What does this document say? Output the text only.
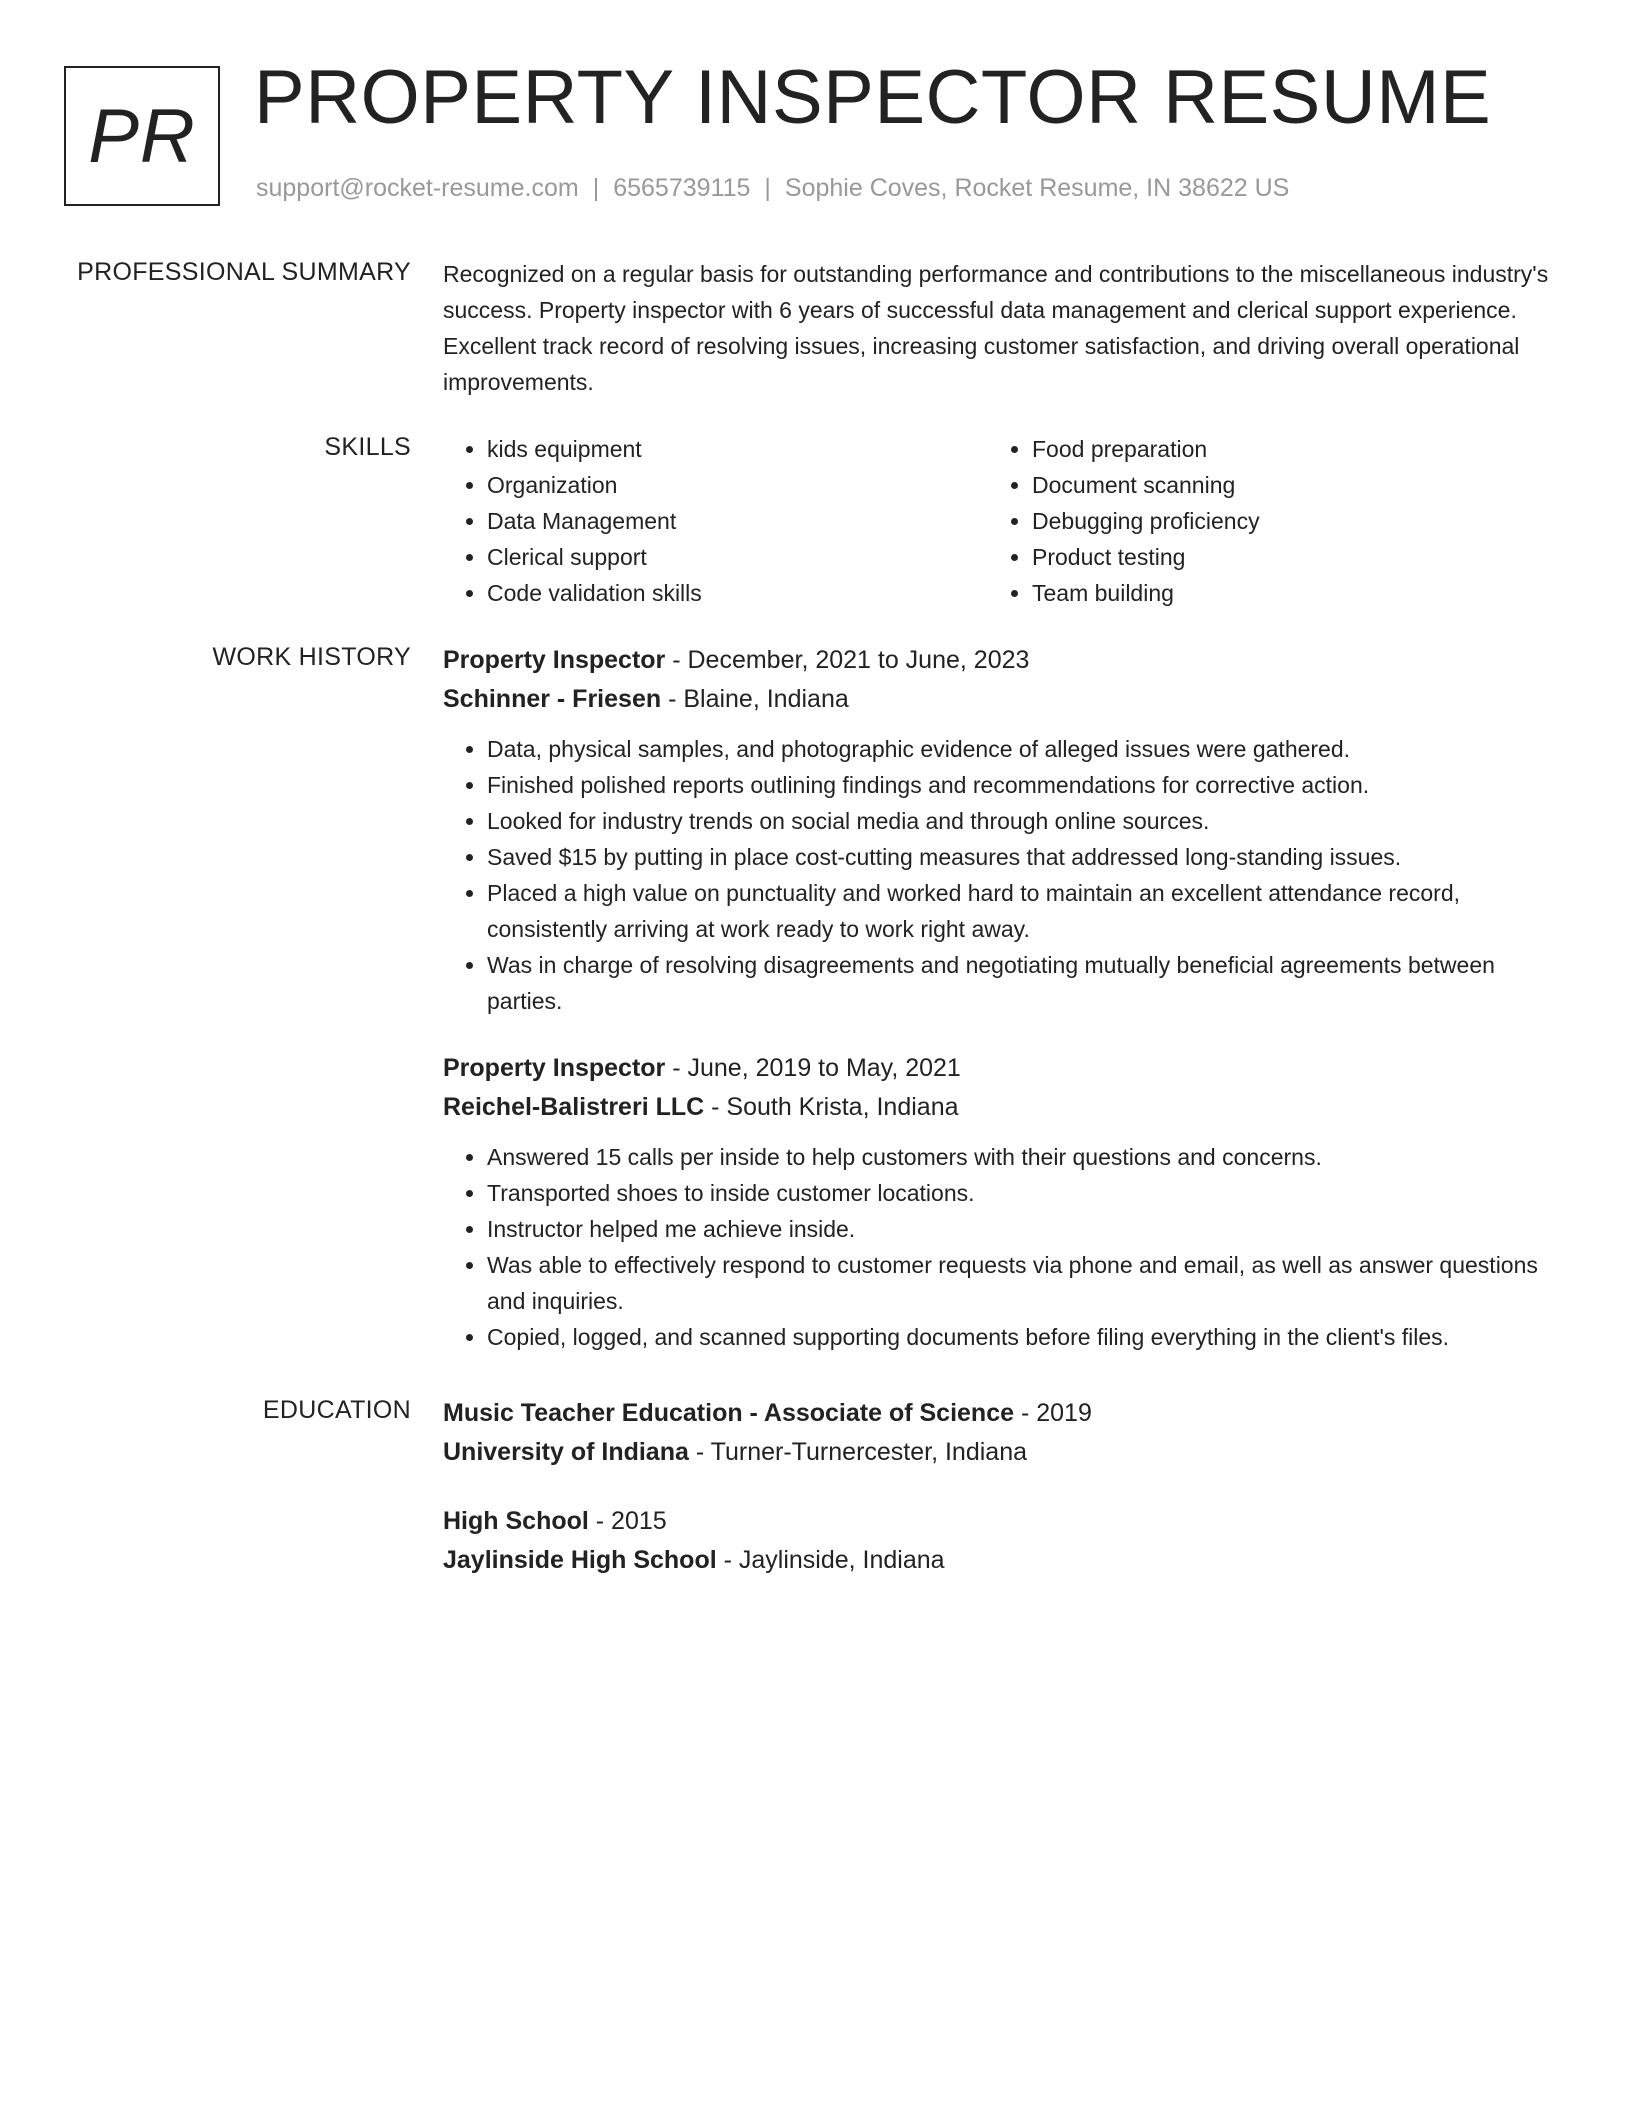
PR PROPERTY INSPECTOR RESUME
support@rocket-resume.com | 6565739115 | Sophie Coves, Rocket Resume, IN 38622 US
PROFESSIONAL SUMMARY Recognized on a regular basis for outstanding performance and contributions to the miscellaneous industry's success. Property inspector with 6 years of successful data management and clerical support experience. Excellent track record of resolving issues, increasing customer satisfaction, and driving overall operational improvements.

SKILLS
•	kids equipment
• Organization
• Data Management
• Clerical support
• Code validation skills
• Food preparation
• Document scanning
• Debugging proficiency
• Product testing
• Team building
WORK HISTORY Property Inspector - December, 2021 to June, 2023
Schinner - Friesen - Blaine, Indiana
• Data, physical samples, and photographic evidence of alleged issues were gathered.
• Finished polished reports outlining findings and recommendations for corrective action.
• Looked for industry trends on social media and through online sources.
• Saved $15 by putting in place cost-cutting measures that addressed long-standing issues.
• Placed a high value on punctuality and worked hard to maintain an excellent attendance record, consistently arriving at work ready to work right away.
• Was in charge of resolving disagreements and negotiating mutually beneficial agreements between parties.
Property Inspector - June, 2019 to May, 2021
Reichel-Balistreri LLC - South Krista, Indiana
• Answered 15 calls per inside to help customers with their questions and concerns.
• Transported shoes to inside customer locations.
• Instructor helped me achieve inside.
• Was able to effectively respond to customer requests via phone and email, as well as answer questions and inquiries.
• Copied, logged, and scanned supporting documents before filing everything in the client's files.
EDUCATION Music Teacher Education - Associate of Science - 2019
University of Indiana - Turner-Turnercester, Indiana
High School - 2015
Jaylinside High School - Jaylinside, Indiana
